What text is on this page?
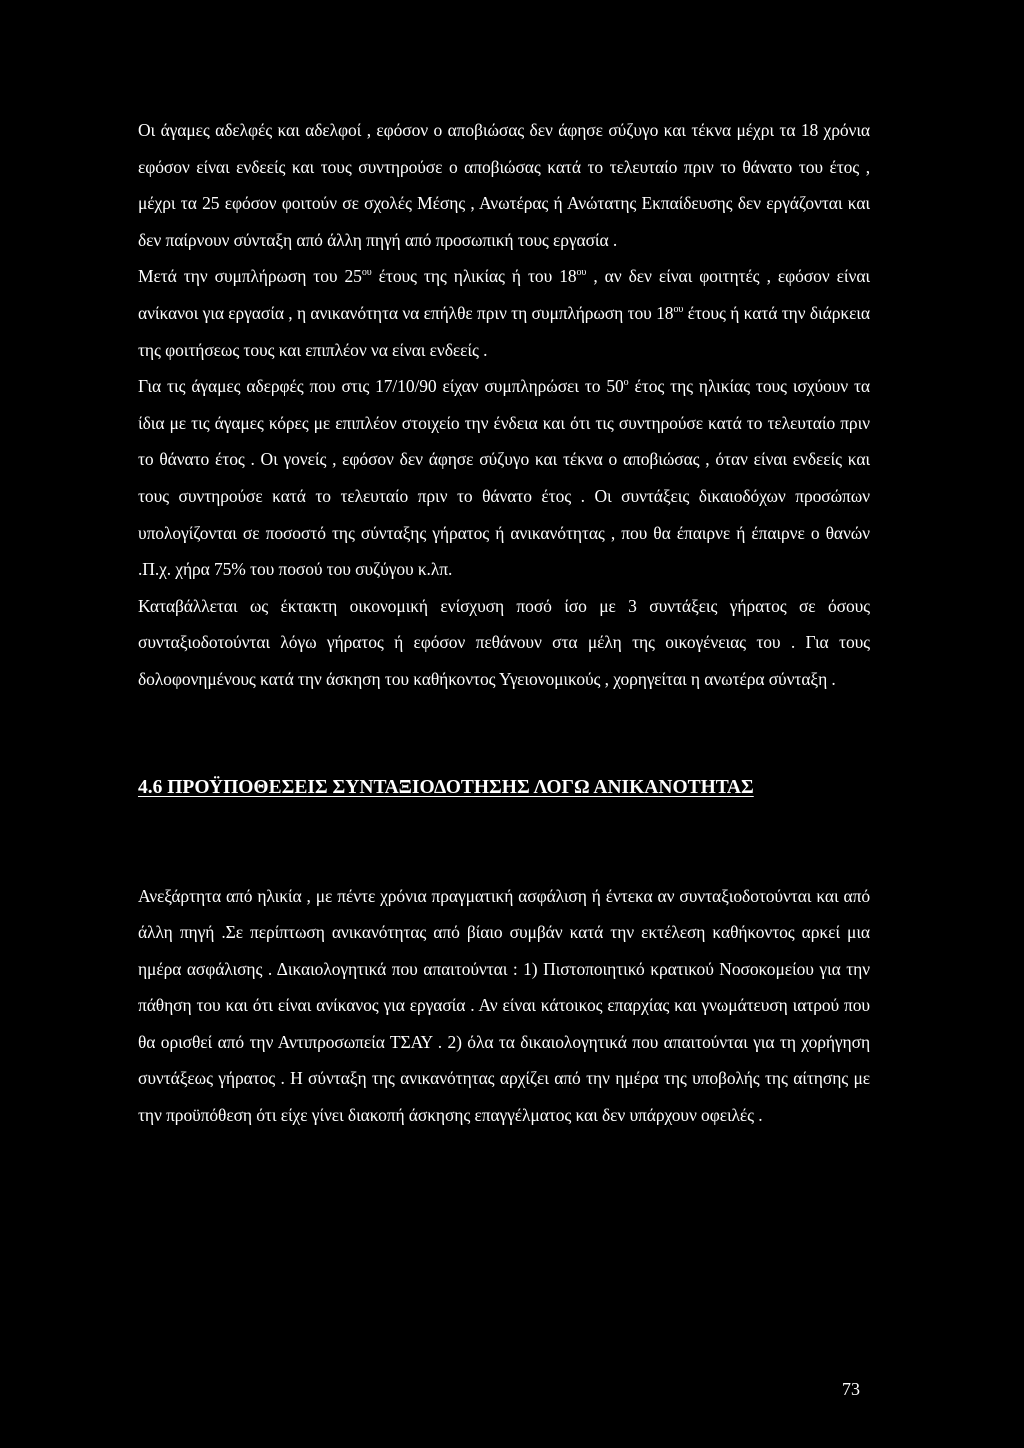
Οι άγαμες αδελφές και αδελφοί , εφόσον ο αποβιώσας δεν άφησε σύζυγο και τέκνα μέχρι τα 18 χρόνια εφόσον είναι ενδεείς και τους συντηρούσε ο αποβιώσας κατά το τελευταίο πριν το θάνατο του έτος , μέχρι τα 25 εφόσον φοιτούν σε σχολές Μέσης , Ανωτέρας ή Ανώτατης Εκπαίδευσης δεν εργάζονται και δεν παίρνουν σύνταξη από άλλη πηγή από προσωπική τους εργασία .

Μετά την συμπλήρωση του $25^{o\upsilon}$ έτους της ηλικίας ή του $18^{o\upsilon}$ , αν δεν είναι φοιτητές , εφόσον είναι ανίκανοι για εργασία , η ανικανότητα να επήλθε πριν τη συμπλήρωση του $18^{o\upsilon}$ έτους ή κατά την διάρκεια της φοιτήσεως τους και επιπλέον να είναι ενδεείς .

Για τις άγαμες αδερφές που στις 17/10/90 είχαν συμπληρώσει το $50^o$ έτος της ηλικίας τους ισχύουν τα ίδια με τις άγαμες κόρες με επιπλέον στοιχείο την ένδεια και ότι τις συντηρούσε κατά το τελευταίο πριν το θάνατο έτος . Οι γονείς , εφόσον δεν άφησε σύζυγο και τέκνα ο αποβιώσας , όταν είναι ενδεείς και τους συντηρούσε κατά το τελευταίο πριν το θάνατο έτος . Οι συντάξεις δικαιοδόχων προσώπων υπολογίζονται σε ποσοστό της σύνταξης γήρατος ή ανικανότητας , που θα έπαιρνε ή έπαιρνε ο θανών .Π.χ. χήρα 75% του ποσού του συζύγου κ.λπ.

Καταβάλλεται ως έκτακτη οικονομική ενίσχυση ποσό ίσο με 3 συντάξεις γήρατος σε όσους συνταξιοδοτούνται λόγω γήρατος ή εφόσον πεθάνουν στα μέλη της οικογένειας του . Για τους δολοφονημένους κατά την άσκηση του καθήκοντος Υγειονομικούς , χορηγείται η ανωτέρα σύνταξη .

4.6 ΠΡΟΫΠΟΘΕΣΕΙΣ ΣΥΝΤΑΞΙΟΔΟΤΗΣΗΣ ΛΟΓΩ ΑΝΙΚΑΝΟΤΗΤΑΣ

Ανεξάρτητα από ηλικία , με πέντε χρόνια πραγματική ασφάλιση ή έντεκα αν συνταξιοδοτούνται και από άλλη πηγή .Σε περίπτωση ανικανότητας από βίαιο συμβάν κατά την εκτέλεση καθήκοντος αρκεί μια ημέρα ασφάλισης . Δικαιολογητικά που απαιτούνται : 1) Πιστοποιητικό κρατικού Νοσοκομείου για την πάθηση του και ότι είναι ανίκανος για εργασία . Αν είναι κάτοικος επαρχίας και γνωμάτευση ιατρού που θα ορισθεί από την Αντιπροσωπεία ΤΣΑΥ . 2) όλα τα δικαιολογητικά που απαιτούνται για τη χορήγηση συντάξεως γήρατος . Η σύνταξη της ανικανότητας αρχίζει από την ημέρα της υποβολής της αίτησης με την προϋπόθεση ότι είχε γίνει διακοπή άσκησης επαγγέλματος και δεν υπάρχουν οφειλές .

73
